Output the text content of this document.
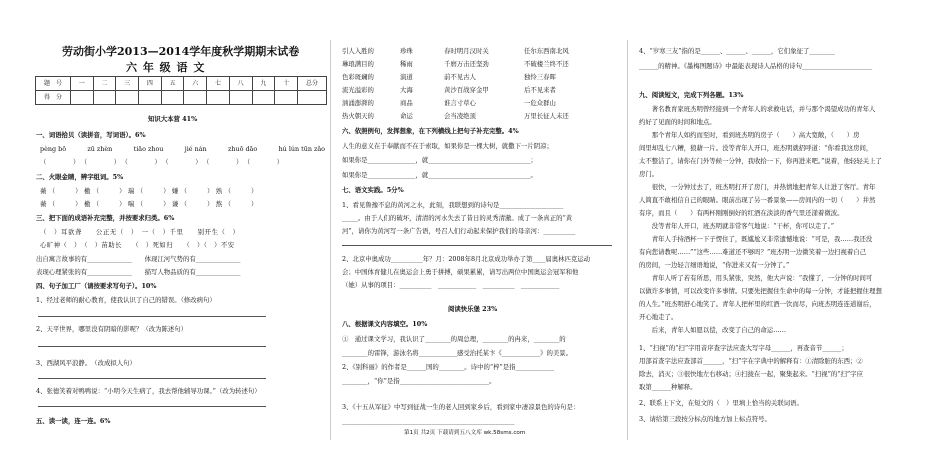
劳动街小学2013—2014学年度秋学期期末试卷
六 年 级 语 文
题　号	一	二	三	四	五	六	七	八	九	十	总分
得　分											
知识大本营 41%
一、词语拾贝（读拼音，写词语）。6%
pèng bō	zū zhèn	tiāo zhou	jié nán	zhuō dāo	hú lún tūn zǎo
（　　）（　　）（　　）（　　）（　　）（　　）
二、火眼金睛，辨字组词。5%
薇（　　）檄（　　）瑞（　　）嫌（　　）熟（　　）
薇（　　）檄（　　）喘（　　）谦（　　）熬（　　）
三、把下面的成语补充完整，并按要求归类。6%
（　）耳欲聋　　公正无（　）　一（　）千里　　别开生（　）
心旷神（　）　（　）苗助长　　（　）死如归　　（　）（　）不安
出自寓言故事的有______________　　体现江河气势的有______________
表现心理紧张的有______________　　描写人物品质的有______________
四、句子加工厂（请按要求写句子）。10%
1、经过老师的耐心教育，使我认识了自己的错误。（修改病句）
2、天平世界，哪里没有阴暗的影呢？（改为陈述句）
3、西湖风平浪静。　（改成拟人句）
4、张德笑着对鸭鸭说：“小明今天生病了，我去帮他辅导功课。”（改为转述句）
五、读一读，连一连。6%
引人入胜的	珍珠	春时明月汉时关	任尔东西南北风
琳琅满目的	稀雨	千磨万击还坚劲	不破楼兰终不还
色彩斑斓的	演道	前不见古人	独怜三春晖
流光溢彩的	大海	黄沙百战穿金甲	后不见来者
汹涌澎湃的	商品	谁言寸草心	一危众群山
热火朝天的	命运	会当凌绝顶	万里长征人未还
六、依照例句，发挥想象，在下列横线上把句子补充完整。4%
人生的意义在于奉献而不在于索取，如果你是一棵大树，就撒下一片阴凉；
如果你是_______________，就________________________________；
如果你是_______________，就________________________________。
七、语文实践。5分%
1、看见鲁豫不息的黄河之水，此刻，我联想到的诗句是____________________
_____。由于人们的破坏，清清的河水失去了昔日的灵秀清澈。成了一条真正的“黄
河”，请你为黄河写一条广告语，号召人们行动起来保护我们的母亲河：__________
2、北京申奥成功__________年？月：2008年8月北京成功举办了第____届奥林匹克运动
会；中国体育健儿在奥运会上勇于拼搏，硕果累累，请写出两位中国奥运会冠军和他
（她）从事的项目：__________　____________　__________　____________
阅读快乐堡 23%
八、根据课文内容填空。10%
①　通过课文学习，我认识了________的周总理，________的冉来，________的
________的雷锋，游泳名将____________感受治托某卞《____________》的美景。
2、《别科丽》的作者是______国的________。诗中的“梓”是指____________
________，“你”是指____________________________。
3、《十五从军征》中写到征战一生的老人回到家乡后，看到家中凄凉景色的诗句是：
______________________________________________________
4、“岁寒三友”指的是______、______、______，它们象征了________
______的精神。《墨梅图题诗》中最能表现诗人品格的诗句______________________
九、阅读短文，完成下列各题。13%
　　著名教育家班杰明曾经接到一个青年人的求救电话，并与那个渴望成功的青年人
约好了见面的时间和地点。
　　那个青年人如约而至时，看到班杰明的房子（　　）高大宽敞，（　　）房
间里却乱七八糟，狼藉一片。没等青年人开口，班杰明就招呼道：“你看我这房间，
太不整洁了，请你在门外等候一分钟，我收拾一下，你再进来吧。”说着，他轻轻关上了
房门。
　　很快，一分钟过去了，班杰明打开了房门，并热情地把青年人让进了客厅。青年
人简直不敢相信自己的眼睛。眼前出现了另一番景象——房间内的一切（　　）井然
有序，而且（　　）有两杯刚刚倒好的红酒在淡淡的香气里还漾着微波。
　　没等青年人开口，班杰明就非常客气地说：“干杯，你可以走了。”
　　青年人手持酒杯一下子愣住了，既尴尬又非常遗憾地说：“可是，我……我还没
有向您请教呢……”“这些……难道还不够吗？”班杰明一边微笑着一边扫视着自己
的房间，一边轻言细语地说，“你进来又有一分钟了。”
　　青年人听了若有所思，用头紧张，突然，他大声说：“我懂了，一分钟的时间可
以做许多事情，可以改变许多事情。只要先把握住生命中的每一分钟，才能把握住理想
的人生。”班杰明舒心地笑了。青年人把杯里的红酒一饮而尽，向班杰明连连道谢后，
开心地走了。
　　后来，青年人如愿以偿，改变了自己的命运……
1、“扫视”的“扫”字用音序查字法应查大写字母______，再查音节______；
用部首查字法应查部首______，“扫”字在字典中的解释有：①清除脏的东西；②
除去，消灭；③很快地左右移动；④扫拢在一起，聚集起来。“扫视”的“扫”字应
取第______种解释。
2、联系上下文，在短文的（　）里填上恰当的关联词语。
3、请给第三段按分标点的地方加上标点符号。
第1页 共2页 下载请到五八文库 wk.58sms.com
